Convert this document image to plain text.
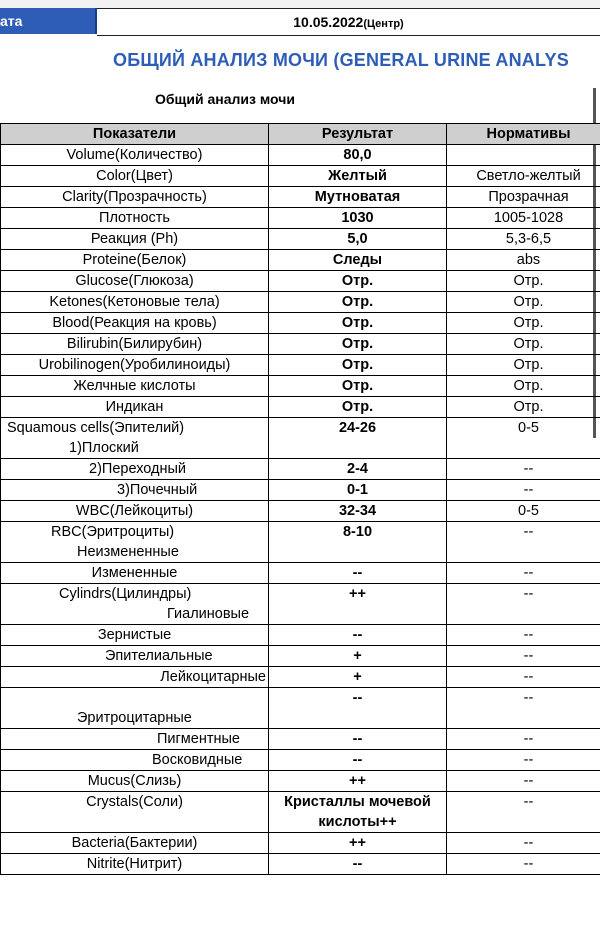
ата	10.05.2022(Центр)
ОБЩИЙ АНАЛИЗ МОЧИ (GENERAL URINE ANALYS
Общий анализ мочи
Показатели	Результат	Нормативы
Volume(Количество)	80,0	
Color(Цвет)	Желтый	Светло-желтый
Clarity(Прозрачность)	Мутноватая	Прозрачная
Плотность	1030	1005-1028
Реакция (Ph)	5,0	5,3-6,5
Proteine(Белок)	Следы	abs
Glucose(Глюкоза)	Отр.	Отр.
Ketones(Кетоновые тела)	Отр.	Отр.
Blood(Реакция на кровь)	Отр.	Отр.
Bilirubin(Билирубин)	Отр.	Отр.
Urobilinogen(Уробилиноиды)	Отр.	Отр.
Желчные кислоты	Отр.	Отр.
Индикан	Отр.	Отр.

Squamous cells(Эпителий)
1)Плоский	24-26	0-5
2)Переходный	2-4	--
3)Почечный	0-1	--
WBC(Лейкоциты)	32-34	0-5

RBC(Эритроциты)
Неизмененные	8-10	--
Измененные	--	--

Cylindrs(Цилиндры)
Гиалиновые	++	--
Зернистые	--	--
Эпителиальные	+	--
Лейкоцитарные	+	--

Эритроцитарные	--	--
Пигментные	--	--
Восковидные	--	--
Mucus(Слизь)	++	--
Crystals(Соли)	Кристаллы мочевой
кислоты++	--
Bacteria(Бактерии)	++	--
Nitrite(Нитрит)	--	--
